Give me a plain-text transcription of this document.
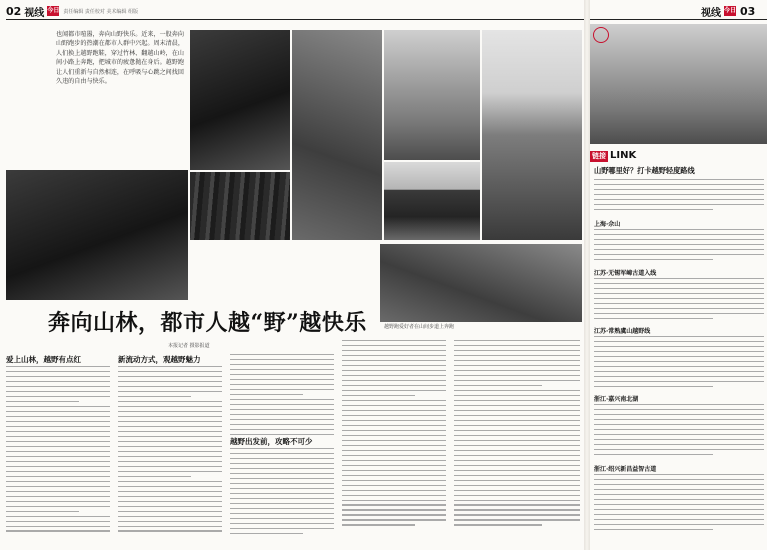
02 视线 今日 责任编辑 责任校对 美术编辑 组版
也闻都市喧嚣，奔向山野快乐。近来，一股奔向山野跑步的热潮在都市人群中兴起。周末清晨，人们换上越野跑鞋，穿过竹林、翻越山岭，在山间小路上奔跑，把城市的疲惫抛在身后。越野跑让人们重新与自然相连，在呼吸与心跳之间找回久违的自由与快乐。
越野跑爱好者在山间步道上奔跑
奔向山林，都市人越“野”越快乐
本报记者 摄影报道
爱上山林，越野有点红	新流动方式，观越野魅力
越野出发前，攻略不可少
视线 今日 03
链接 LINK
山野哪里好？打卡越野轻度路线
上海·佘山
江苏·无锡军嶂古道入线
江苏·常熟虞山越野线
浙江·嘉兴南北湖
浙江·绍兴新昌益智古道
